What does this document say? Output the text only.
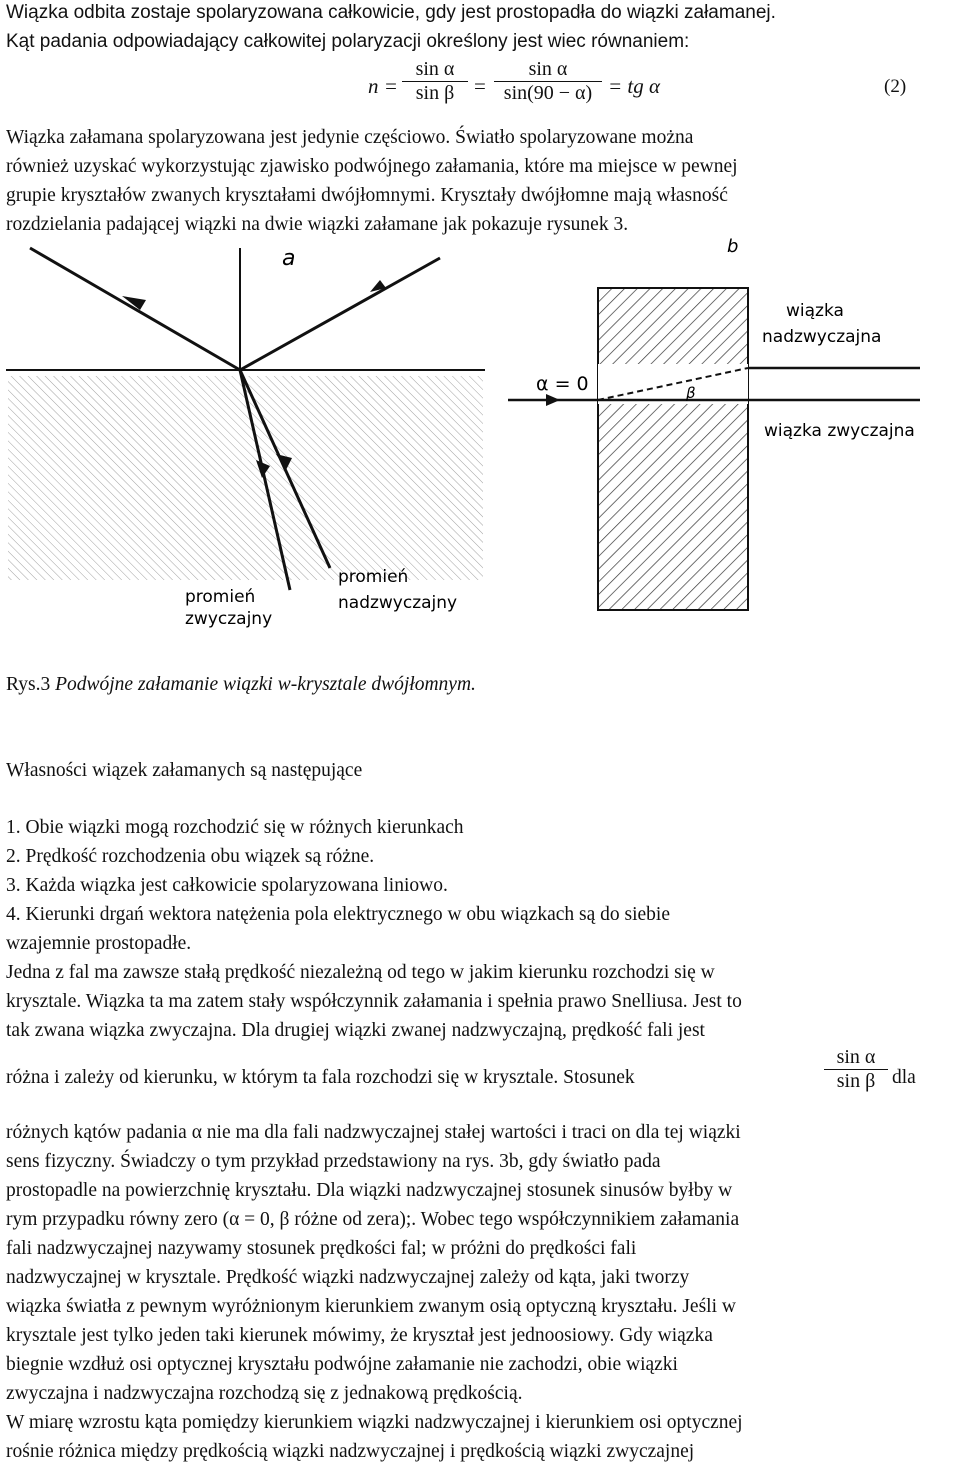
Wiązka odbita zostaje spolaryzowana całkowicie, gdy jest prostopadła do wiązki załamanej.
Kąt padania odpowiadający całkowitej polaryzacji określony jest wiec równaniem:
n =
sin α
sin β =
sin α
sin(90 − α) = tg α	(2)
Wiązka załamana spolaryzowana jest jedynie częściowo. Światło spolaryzowane można
również uzyskać wykorzystując zjawisko podwójnego załamania, które ma miejsce w pewnej
grupie kryształów zwanych kryształami dwójłomnymi. Kryształy dwójłomne mają własność
rozdzielania padającej wiązki na dwie wiązki załamane jak pokazuje rysunek 3.
a
promień
zwyczajny
promień
nadzwyczajny
b
α = 0	β
wiązka
nadzwyczajna
wiązka zwyczajna
Rys.3 Podwójne załamanie wiązki w-krysztale dwójłomnym.
Własności wiązek załamanych są następujące
1. Obie wiązki mogą rozchodzić się w różnych kierunkach
2. Prędkość rozchodzenia obu wiązek są różne.
3. Każda wiązka jest całkowicie spolaryzowana liniowo.
4. Kierunki drgań wektora natężenia pola elektrycznego w obu wiązkach są do siebie
wzajemnie prostopadłe.
Jedna z fal ma zawsze stałą prędkość niezależną od tego w jakim kierunku rozchodzi się w
krysztale. Wiązka ta ma zatem stały współczynnik załamania i spełnia prawo Snelliusa. Jest to
tak zwana wiązka zwyczajna. Dla drugiej wiązki zwanej nadzwyczajną, prędkość fali jest
różna i zależy od kierunku, w którym ta fala rozchodzi się w krysztale. Stosunek
sin α
sin β dla
różnych kątów padania α nie ma dla fali nadzwyczajnej stałej wartości i traci on dla tej wiązki
sens fizyczny. Świadczy o tym przykład przedstawiony na rys. 3b, gdy światło pada
prostopadle na powierzchnię kryształu. Dla wiązki nadzwyczajnej stosunek sinusów byłby w
rym przypadku równy zero (α = 0, β różne od zera);. Wobec tego współczynnikiem załamania
fali nadzwyczajnej nazywamy stosunek prędkości fal; w próżni do prędkości fali
nadzwyczajnej w krysztale. Prędkość wiązki nadzwyczajnej zależy od kąta, jaki tworzy
wiązka światła z pewnym wyróżnionym kierunkiem zwanym osią optyczną kryształu. Jeśli w
krysztale jest tylko jeden taki kierunek mówimy, że kryształ jest jednoosiowy. Gdy wiązka
biegnie wzdłuż osi optycznej kryształu podwójne załamanie nie zachodzi, obie wiązki
zwyczajna i nadzwyczajna rozchodzą się z jednakową prędkością.
W miarę wzrostu kąta pomiędzy kierunkiem wiązki nadzwyczajnej i kierunkiem osi optycznej
rośnie różnica między prędkością wiązki nadzwyczajnej i prędkością wiązki zwyczajnej
